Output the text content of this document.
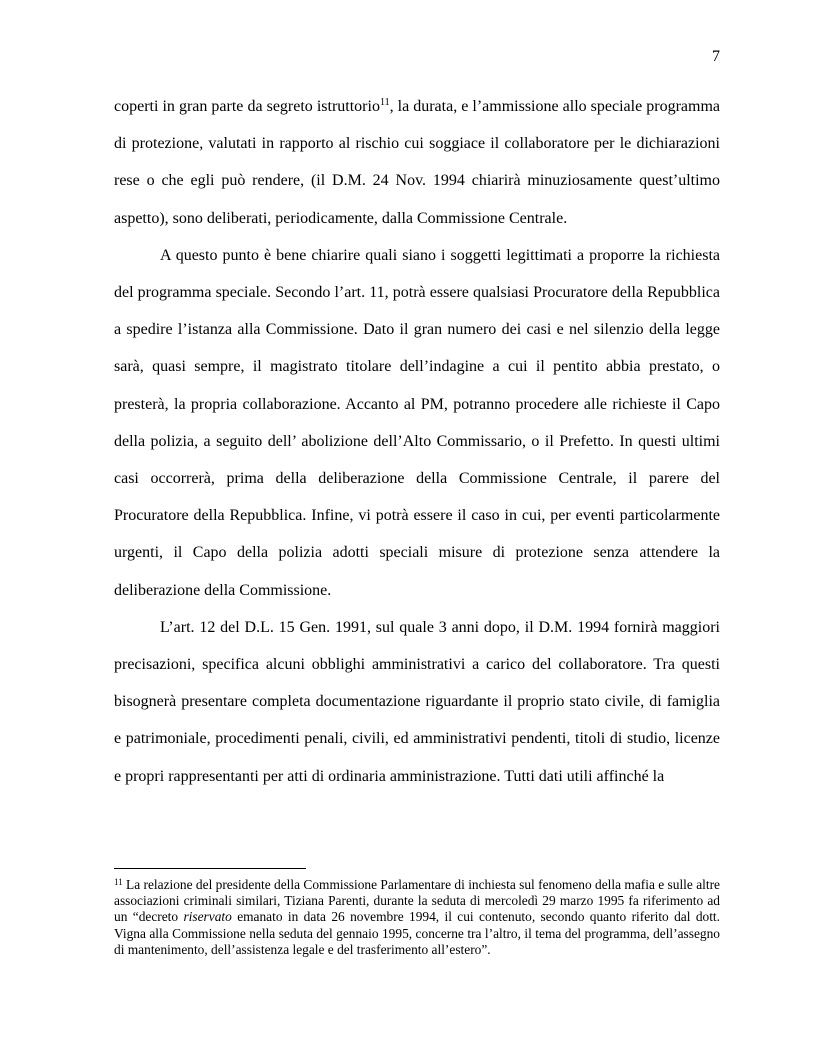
7

coperti in gran parte da segreto istruttorio$^{11}$, la durata, e l’ammissione allo speciale programma di protezione, valutati in rapporto al rischio cui soggiace il collaboratore per le dichiarazioni rese o che egli può rendere, (il D.M. 24 Nov. 1994 chiarirà minuziosamente quest’ultimo aspetto), sono deliberati, periodicamente, dalla Commissione Centrale.

A questo punto è bene chiarire quali siano i soggetti legittimati a proporre la richiesta del programma speciale. Secondo l’art. 11, potrà essere qualsiasi Procuratore della Repubblica a spedire l’istanza alla Commissione. Dato il gran numero dei casi e nel silenzio della legge sarà, quasi sempre, il magistrato titolare dell’indagine a cui il pentito abbia prestato, o presterà, la propria collaborazione. Accanto al PM, potranno procedere alle richieste il Capo della polizia, a seguito dell’ abolizione dell’Alto Commissario, o il Prefetto. In questi ultimi casi occorrerà, prima della deliberazione della Commissione Centrale, il parere del Procuratore della Repubblica. Infine, vi potrà essere il caso in cui, per eventi particolarmente urgenti, il Capo della polizia adotti speciali misure di protezione senza attendere la deliberazione della Commissione.

L’art. 12 del D.L. 15 Gen. 1991, sul quale 3 anni dopo, il D.M. 1994 fornirà maggiori precisazioni, specifica alcuni obblighi amministrativi a carico del collaboratore. Tra questi bisognerà presentare completa documentazione riguardante il proprio stato civile, di famiglia e patrimoniale, procedimenti penali, civili, ed amministrativi pendenti, titoli di studio, licenze e propri rappresentanti per atti di ordinaria amministrazione. Tutti dati utili affinché la

$^{11}$ La relazione del presidente della Commissione Parlamentare di inchiesta sul fenomeno della mafia e sulle altre associazioni criminali similari, Tiziana Parenti, durante la seduta di mercoledì 29 marzo 1995 fa riferimento ad un “decreto riservato emanato in data 26 novembre 1994, il cui contenuto, secondo quanto riferito dal dott. Vigna alla Commissione nella seduta del gennaio 1995, concerne tra l’altro, il tema del programma, dell’assegno di mantenimento, dell’assistenza legale e del trasferimento all’estero”.
